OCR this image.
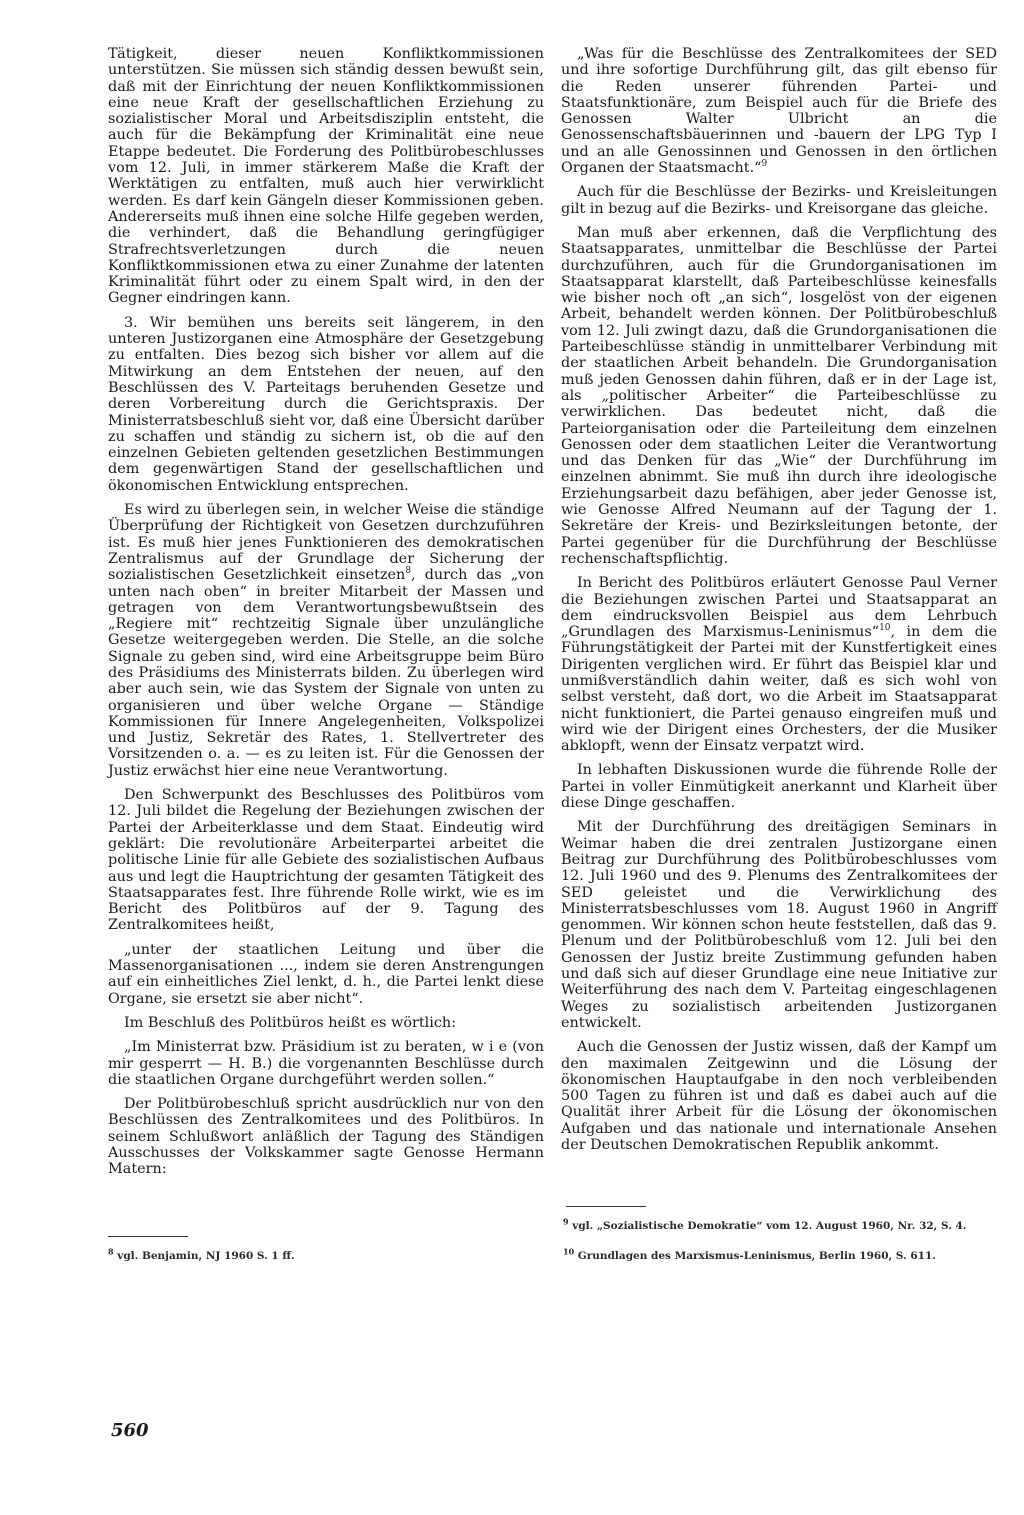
Tätigkeit, dieser neuen Konfliktkommissionen unterstützen. Sie müssen sich ständig dessen bewußt sein, daß mit der Einrichtung der neuen Konfliktkommissionen eine neue Kraft der gesellschaftlichen Erziehung zu sozialistischer Moral und Arbeitsdisziplin entsteht, die auch für die Bekämpfung der Kriminalität eine neue Etappe bedeutet. Die Forderung des Politbürobeschlusses vom 12. Juli, in immer stärkerem Maße die Kraft der Werktätigen zu entfalten, muß auch hier verwirklicht werden. Es darf kein Gängeln dieser Kommissionen geben. Andererseits muß ihnen eine solche Hilfe gegeben werden, die verhindert, daß die Behandlung geringfügiger Strafrechtsverletzungen durch die neuen Konfliktkommissionen etwa zu einer Zunahme der latenten Kriminalität führt oder zu einem Spalt wird, in den der Gegner eindringen kann.

3. Wir bemühen uns bereits seit längerem, in den unteren Justizorganen eine Atmosphäre der Gesetzgebung zu entfalten. Dies bezog sich bisher vor allem auf die Mitwirkung an dem Entstehen der neuen, auf den Beschlüssen des V. Parteitags beruhenden Gesetze und deren Vorbereitung durch die Gerichtspraxis. Der Ministerratsbeschluß sieht vor, daß eine Übersicht darüber zu schaffen und ständig zu sichern ist, ob die auf den einzelnen Gebieten geltenden gesetzlichen Bestimmungen dem gegenwärtigen Stand der gesellschaftlichen und ökonomischen Entwicklung entsprechen.

Es wird zu überlegen sein, in welcher Weise die ständige Überprüfung der Richtigkeit von Gesetzen durchzuführen ist. Es muß hier jenes Funktionieren des demokratischen Zentralismus auf der Grundlage der Sicherung der sozialistischen Gesetzlichkeit einsetzen$^8$, durch das „von unten nach oben“ in breiter Mitarbeit der Massen und getragen von dem Verantwortungsbewußtsein des „Regiere mit“ rechtzeitig Signale über unzulängliche Gesetze weitergegeben werden. Die Stelle, an die solche Signale zu geben sind, wird eine Arbeitsgruppe beim Büro des Präsidiums des Ministerrats bilden. Zu überlegen wird aber auch sein, wie das System der Signale von unten zu organisieren und über welche Organe — Ständige Kommissionen für Innere Angelegenheiten, Volkspolizei und Justiz, Sekretär des Rates, 1. Stellvertreter des Vorsitzenden o. a. — es zu leiten ist. Für die Genossen der Justiz erwächst hier eine neue Verantwortung.

Den Schwerpunkt des Beschlusses des Politbüros vom 12. Juli bildet die Regelung der Beziehungen zwischen der Partei der Arbeiterklasse und dem Staat. Eindeutig wird geklärt: Die revolutionäre Arbeiterpartei arbeitet die politische Linie für alle Gebiete des sozialistischen Aufbaus aus und legt die Hauptrichtung der gesamten Tätigkeit des Staatsapparates fest. Ihre führende Rolle wirkt, wie es im Bericht des Politbüros auf der 9. Tagung des Zentralkomitees heißt,

„unter der staatlichen Leitung und über die Massenorganisationen ..., indem sie deren Anstrengungen auf ein einheitliches Ziel lenkt, d. h., die Partei lenkt diese Organe, sie ersetzt sie aber nicht“.

Im Beschluß des Politbüros heißt es wörtlich:

„Im Ministerrat bzw. Präsidium ist zu beraten, w i e (von mir gesperrt — H. B.) die vorgenannten Beschlüsse durch die staatlichen Organe durchgeführt werden sollen.“

Der Politbürobeschluß spricht ausdrücklich nur von den Beschlüssen des Zentralkomitees und des Politbüros. In seinem Schlußwort anläßlich der Tagung des Ständigen Ausschusses der Volkskammer sagte Genosse Hermann Matern:

„Was für die Beschlüsse des Zentralkomitees der SED und ihre sofortige Durchführung gilt, das gilt ebenso für die Reden unserer führenden Partei- und Staatsfunktionäre, zum Beispiel auch für die Briefe des Genossen Walter Ulbricht an die Genossenschaftsbäuerinnen und -bauern der LPG Typ I und an alle Genossinnen und Genossen in den örtlichen Organen der Staatsmacht.“$^9$

Auch für die Beschlüsse der Bezirks- und Kreisleitungen gilt in bezug auf die Bezirks- und Kreisorgane das gleiche.

Man muß aber erkennen, daß die Verpflichtung des Staatsapparates, unmittelbar die Beschlüsse der Partei durchzuführen, auch für die Grundorganisationen im Staatsapparat klarstellt, daß Parteibeschlüsse keinesfalls wie bisher noch oft „an sich“, losgelöst von der eigenen Arbeit, behandelt werden können. Der Politbürobeschluß vom 12. Juli zwingt dazu, daß die Grundorganisationen die Parteibeschlüsse ständig in unmittelbarer Verbindung mit der staatlichen Arbeit behandeln. Die Grundorganisation muß jeden Genossen dahin führen, daß er in der Lage ist, als „politischer Arbeiter“ die Parteibeschlüsse zu verwirklichen. Das bedeutet nicht, daß die Parteiorganisation oder die Parteileitung dem einzelnen Genossen oder dem staatlichen Leiter die Verantwortung und das Denken für das „Wie“ der Durchführung im einzelnen abnimmt. Sie muß ihn durch ihre ideologische Erziehungsarbeit dazu befähigen, aber jeder Genosse ist, wie Genosse Alfred Neumann auf der Tagung der 1. Sekretäre der Kreis- und Bezirksleitungen betonte, der Partei gegenüber für die Durchführung der Beschlüsse rechenschaftspflichtig.

In Bericht des Politbüros erläutert Genosse Paul Verner die Beziehungen zwischen Partei und Staatsapparat an dem eindrucksvollen Beispiel aus dem Lehrbuch „Grundlagen des Marxismus-Leninismus“$^{10}$, in dem die Führungstätigkeit der Partei mit der Kunstfertigkeit eines Dirigenten verglichen wird. Er führt das Beispiel klar und unmißverständlich dahin weiter, daß es sich wohl von selbst versteht, daß dort, wo die Arbeit im Staatsapparat nicht funktioniert, die Partei genauso eingreifen muß und wird wie der Dirigent eines Orchesters, der die Musiker abklopft, wenn der Einsatz verpatzt wird.

In lebhaften Diskussionen wurde die führende Rolle der Partei in voller Einmütigkeit anerkannt und Klarheit über diese Dinge geschaffen.

Mit der Durchführung des dreitägigen Seminars in Weimar haben die drei zentralen Justizorgane einen Beitrag zur Durchführung des Politbürobeschlusses vom 12. Juli 1960 und des 9. Plenums des Zentralkomitees der SED geleistet und die Verwirklichung des Ministerratsbeschlusses vom 18. August 1960 in Angriff genommen. Wir können schon heute feststellen, daß das 9. Plenum und der Politbürobeschluß vom 12. Juli bei den Genossen der Justiz breite Zustimmung gefunden haben und daß sich auf dieser Grundlage eine neue Initiative zur Weiterführung des nach dem V. Parteitag eingeschlagenen Weges zu sozialistisch arbeitenden Justizorganen entwickelt.

Auch die Genossen der Justiz wissen, daß der Kampf um den maximalen Zeitgewinn und die Lösung der ökonomischen Hauptaufgabe in den noch verbleibenden 500 Tagen zu führen ist und daß es dabei auch auf die Qualität ihrer Arbeit für die Lösung der ökonomischen Aufgaben und das nationale und internationale Ansehen der Deutschen Demokratischen Republik ankommt.

$^8$ vgl. Benjamin, NJ 1960 S. 1 ff.
$^9$ vgl. „Sozialistische Demokratie“ vom 12. August 1960, Nr. 32, S. 4.
$^{10}$ Grundlagen des Marxismus-Leninismus, Berlin 1960, S. 611.
560
